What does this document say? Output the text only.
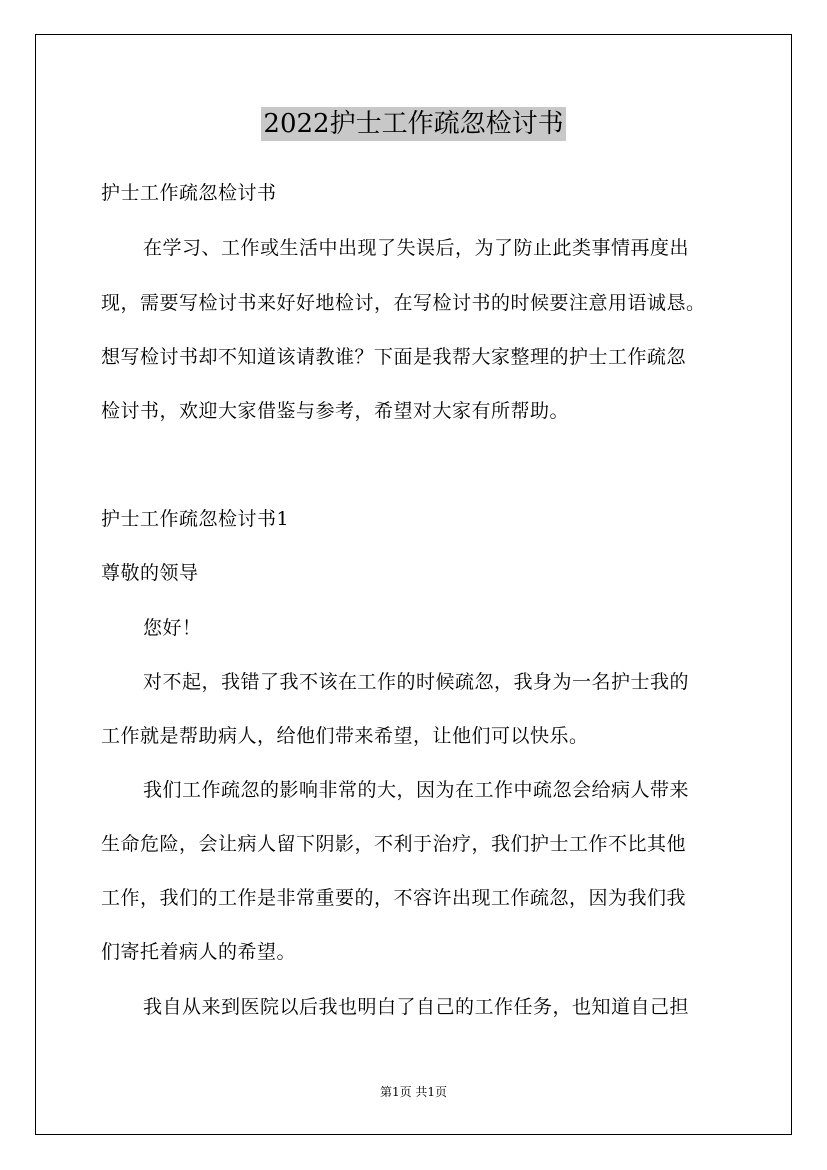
2022护士工作疏忽检讨书
护士工作疏忽检讨书
在学习、工作或生活中出现了失误后，为了防止此类事情再度出
现，需要写检讨书来好好地检讨，在写检讨书的时候要注意用语诚恳。
想写检讨书却不知道该请教谁？下面是我帮大家整理的护士工作疏忽
检讨书，欢迎大家借鉴与参考，希望对大家有所帮助。
护士工作疏忽检讨书1
尊敬的领导
您好！
对不起，我错了我不该在工作的时候疏忽，我身为一名护士我的
工作就是帮助病人，给他们带来希望，让他们可以快乐。
我们工作疏忽的影响非常的大，因为在工作中疏忽会给病人带来
生命危险，会让病人留下阴影，不利于治疗，我们护士工作不比其他
工作，我们的工作是非常重要的，不容许出现工作疏忽，因为我们我
们寄托着病人的希望。
我自从来到医院以后我也明白了自己的工作任务，也知道自己担
第1页 共1页
